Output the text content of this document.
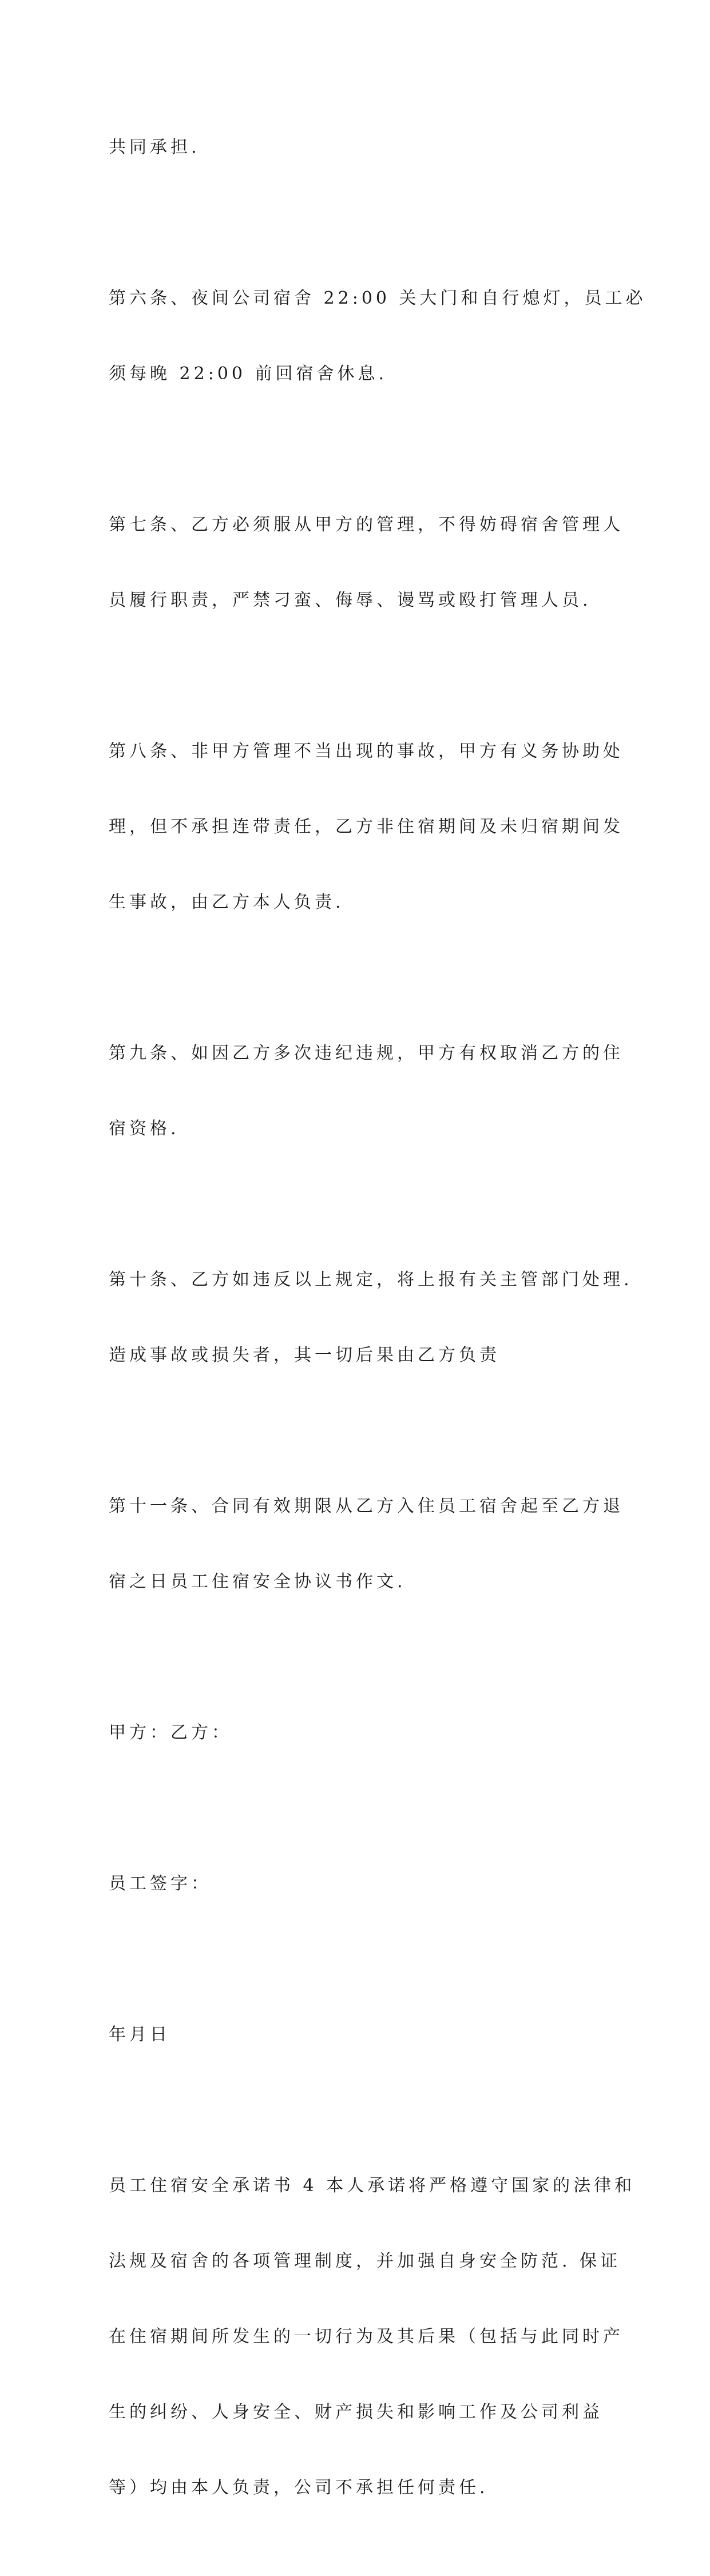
共同承担.

第六条、夜间公司宿舍 22:00 关大门和自行熄灯，员工必

须每晚 22:00 前回宿舍休息.

第七条、乙方必须服从甲方的管理，不得妨碍宿舍管理人

员履行职责，严禁刁蛮、侮辱、谩骂或殴打管理人员.

第八条、非甲方管理不当出现的事故，甲方有义务协助处

理，但不承担连带责任，乙方非住宿期间及未归宿期间发

生事故，由乙方本人负责.

第九条、如因乙方多次违纪违规，甲方有权取消乙方的住

宿资格.

第十条、乙方如违反以上规定，将上报有关主管部门处理.

造成事故或损失者，其一切后果由乙方负责

第十一条、合同有效期限从乙方入住员工宿舍起至乙方退

宿之日员工住宿安全协议书作文.

甲方：乙方：

员工签字：

年月日

员工住宿安全承诺书 4 本人承诺将严格遵守国家的法律和

法规及宿舍的各项管理制度，并加强自身安全防范. 保证

在住宿期间所发生的一切行为及其后果（包括与此同时产

生的纠纷、人身安全、财产损失和影响工作及公司利益

等）均由本人负责，公司不承担任何责任.
